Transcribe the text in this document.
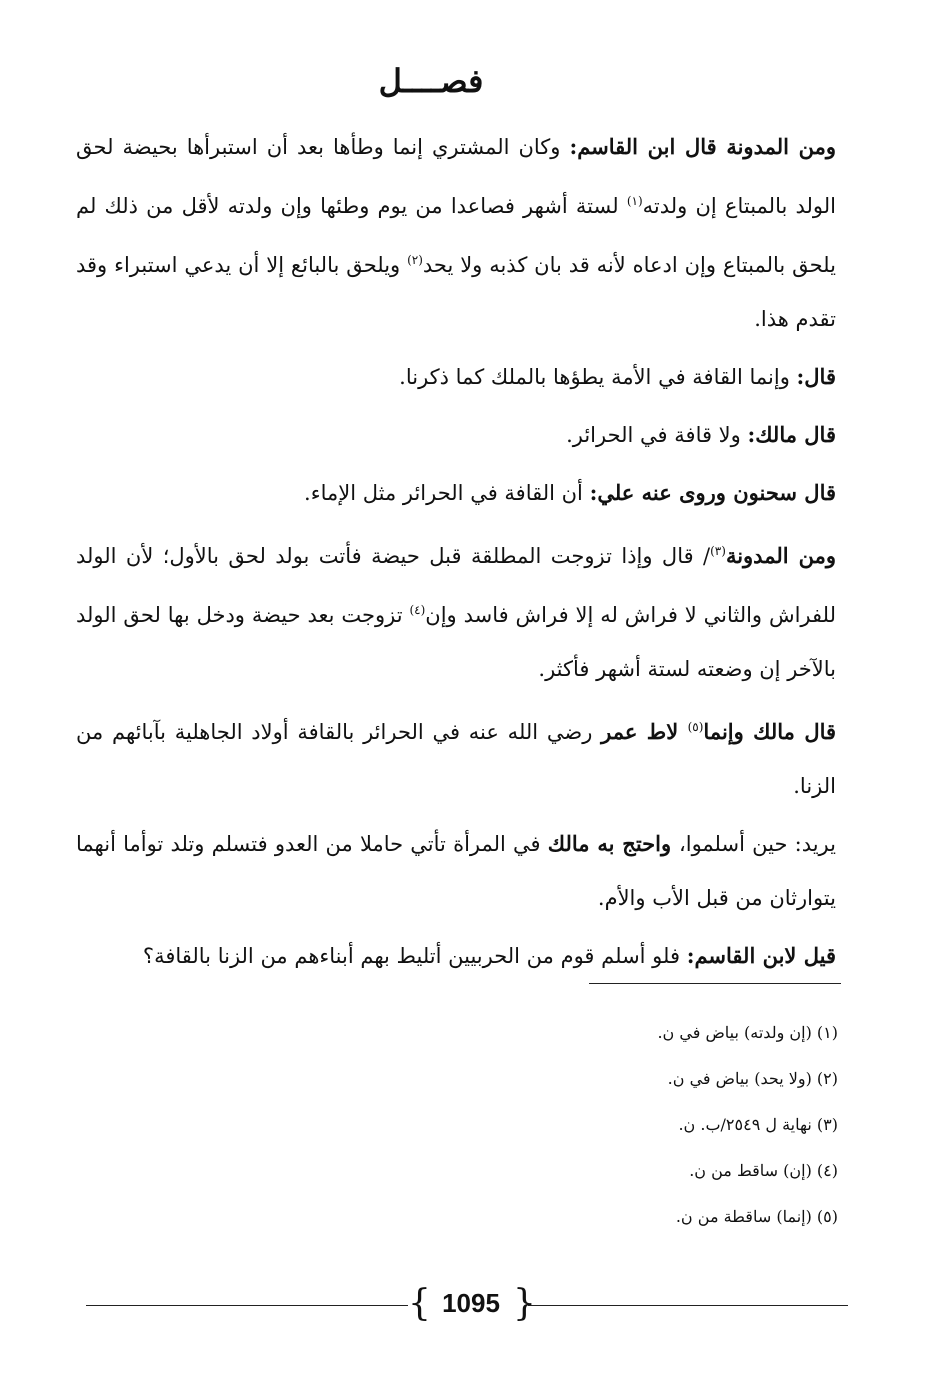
فصــــل

ومن المدونة قال ابن القاسم: وكان المشتري إنما وطأها بعد أن استبرأها بحيضة لحق الولد بالمبتاع إن ولدته$^{(١)}$ لستة أشهر فصاعدا من يوم وطئها وإن ولدته لأقل من ذلك لم يلحق بالمبتاع وإن ادعاه لأنه قد بان كذبه ولا يحد$^{(٢)}$ ويلحق بالبائع إلا أن يدعي استبراء وقد تقدم هذا.

قال: وإنما القافة في الأمة يطؤها بالملك كما ذكرنا.

قال مالك: ولا قافة في الحرائر.

قال سحنون وروى عنه علي: أن القافة في الحرائر مثل الإماء.

ومن المدونة$^{(٣)}$/ قال وإذا تزوجت المطلقة قبل حيضة فأتت بولد لحق بالأول؛ لأن الولد للفراش والثاني لا فراش له إلا فراش فاسد وإن$^{(٤)}$ تزوجت بعد حيضة ودخل بها لحق الولد بالآخر إن وضعته لستة أشهر فأكثر.

قال مالك وإنما$^{(٥)}$ لاط عمر رضي الله عنه في الحرائر بالقافة أولاد الجاهلية بآبائهم من الزنا.

يريد: حين أسلموا، واحتج به مالك في المرأة تأتي حاملا من العدو فتسلم وتلد توأما أنهما يتوارثان من قبل الأب والأم.

قيل لابن القاسم: فلو أسلم قوم من الحربيين أتليط بهم أبناءهم من الزنا بالقافة؟

(١) (إن ولدته) بياض في ن.

(٢) (ولا يحد) بياض في ن.

(٣) نهاية ل ٢٥٤٩/ب. ن.

(٤) (إن) ساقط من ن.

(٥) (إنما) ساقطة من ن.

{ 1095 }
